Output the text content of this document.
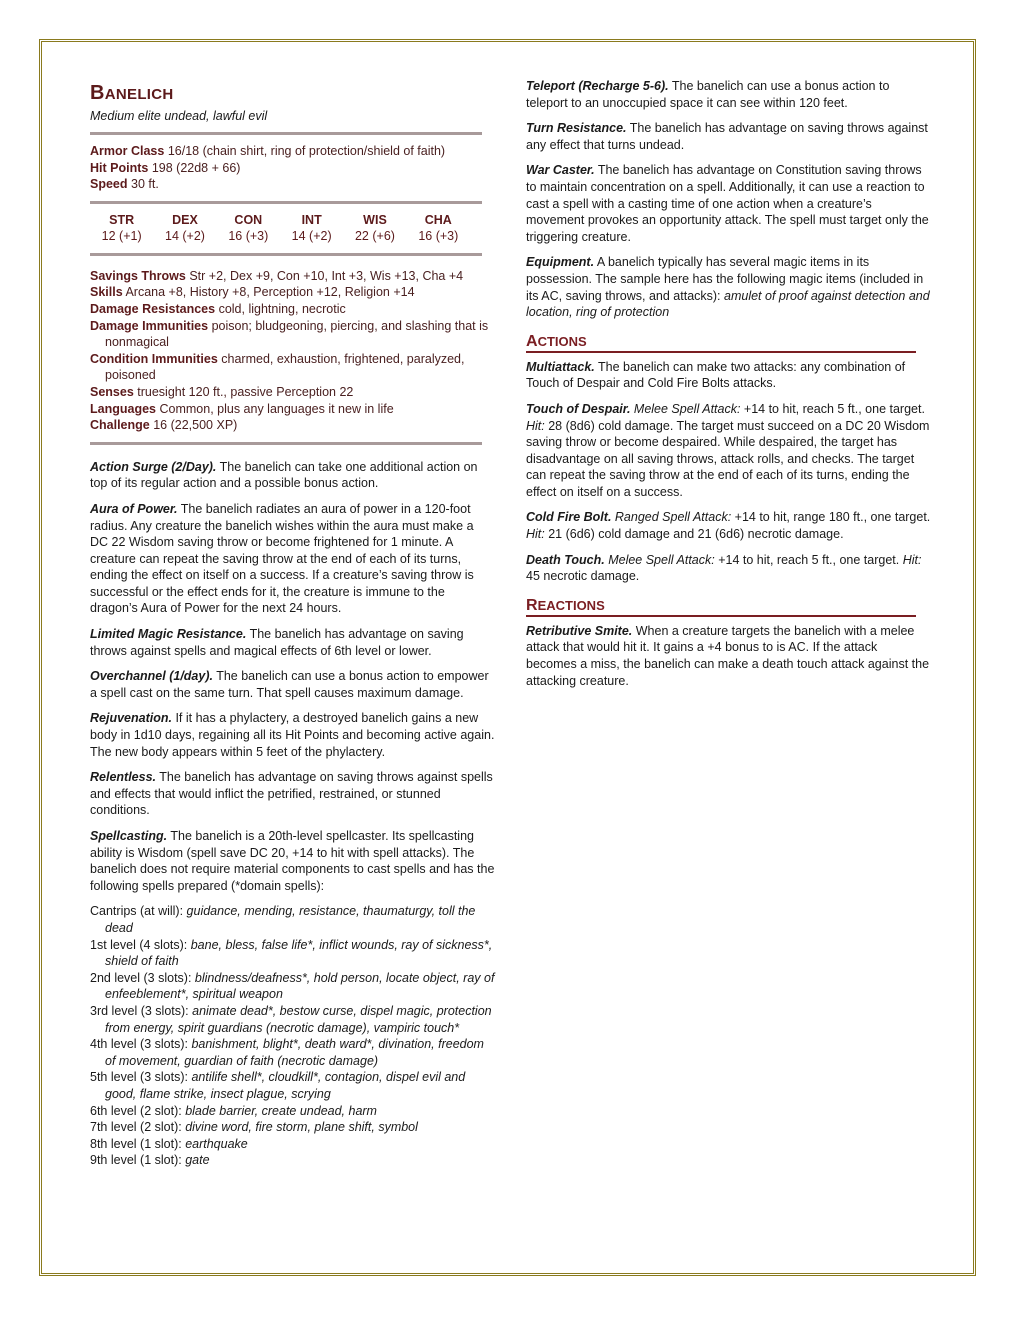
BANELICH
Medium elite undead, lawful evil
Armor Class 16/18 (chain shirt, ring of protection/shield of faith)
Hit Points 198 (22d8 + 66)
Speed 30 ft.
STR	DEX	CON	INT	WIS	CHA
12 (+1)	14 (+2)	16 (+3)	14 (+2)	22 (+6)	16 (+3)
Savings Throws Str +2, Dex +9, Con +10, Int +3, Wis +13, Cha +4
Skills Arcana +8, History +8, Perception +12, Religion +14
Damage Resistances cold, lightning, necrotic
Damage Immunities poison; bludgeoning, piercing, and slashing that is nonmagical
Condition Immunities charmed, exhaustion, frightened, paralyzed, poisoned
Senses truesight 120 ft., passive Perception 22
Languages Common, plus any languages it new in life
Challenge 16 (22,500 XP)

Action Surge (2/Day). The banelich can take one additional action on top of its regular action and a possible bonus action.

Aura of Power. The banelich radiates an aura of power in a 120-foot radius. Any creature the banelich wishes within the aura must make a DC 22 Wisdom saving throw or become frightened for 1 minute. A creature can repeat the saving throw at the end of each of its turns, ending the effect on itself on a success. If a creature’s saving throw is successful or the effect ends for it, the creature is immune to the dragon’s Aura of Power for the next 24 hours.

Limited Magic Resistance. The banelich has advantage on saving throws against spells and magical effects of 6th level or lower.

Overchannel (1/day). The banelich can use a bonus action to empower a spell cast on the same turn. That spell causes maximum damage.

Rejuvenation. If it has a phylactery, a destroyed banelich gains a new body in 1d10 days, regaining all its Hit Points and becoming active again. The new body appears within 5 feet of the phylactery.

Relentless. The banelich has advantage on saving throws against spells and effects that would inflict the petrified, restrained, or stunned conditions.

Spellcasting. The banelich is a 20th-level spellcaster. Its spellcasting ability is Wisdom (spell save DC 20, +14 to hit with spell attacks). The banelich does not require material components to cast spells and has the following spells prepared (*domain spells):

Cantrips (at will): guidance, mending, resistance, thaumaturgy, toll the dead

1st level (4 slots): bane, bless, false life*, inflict wounds, ray of sickness*, shield of faith

2nd level (3 slots): blindness/deafness*, hold person, locate object, ray of enfeeblement*, spiritual weapon

3rd level (3 slots): animate dead*, bestow curse, dispel magic, protection from energy, spirit guardians (necrotic damage), vampiric touch*

4th level (3 slots): banishment, blight*, death ward*, divination, freedom of movement, guardian of faith (necrotic damage)

5th level (3 slots): antilife shell*, cloudkill*, contagion, dispel evil and good, flame strike, insect plague, scrying

6th level (2 slot): blade barrier, create undead, harm

7th level (2 slot): divine word, fire storm, plane shift, symbol

8th level (1 slot): earthquake

9th level (1 slot): gate

Teleport (Recharge 5-6). The banelich can use a bonus action to teleport to an unoccupied space it can see within 120 feet.

Turn Resistance. The banelich has advantage on saving throws against any effect that turns undead.

War Caster. The banelich has advantage on Constitution saving throws to maintain concentration on a spell. Additionally, it can use a reaction to cast a spell with a casting time of one action when a creature’s movement provokes an opportunity attack. The spell must target only the triggering creature.

Equipment. A banelich typically has several magic items in its possession. The sample here has the following magic items (included in its AC, saving throws, and attacks): amulet of proof against detection and location, ring of protection

ACTIONS

Multiattack. The banelich can make two attacks: any combination of Touch of Despair and Cold Fire Bolts attacks.

Touch of Despair. Melee Spell Attack: +14 to hit, reach 5 ft., one target. Hit: 28 (8d6) cold damage. The target must succeed on a DC 20 Wisdom saving throw or become despaired. While despaired, the target has disadvantage on all saving throws, attack rolls, and checks. The target can repeat the saving throw at the end of each of its turns, ending the effect on itself on a success.

Cold Fire Bolt. Ranged Spell Attack: +14 to hit, range 180 ft., one target. Hit: 21 (6d6) cold damage and 21 (6d6) necrotic damage.

Death Touch. Melee Spell Attack: +14 to hit, reach 5 ft., one target. Hit: 45 necrotic damage.

REACTIONS

Retributive Smite. When a creature targets the banelich with a melee attack that would hit it. It gains a +4 bonus to is AC. If the attack becomes a miss, the banelich can make a death touch attack against the attacking creature.
